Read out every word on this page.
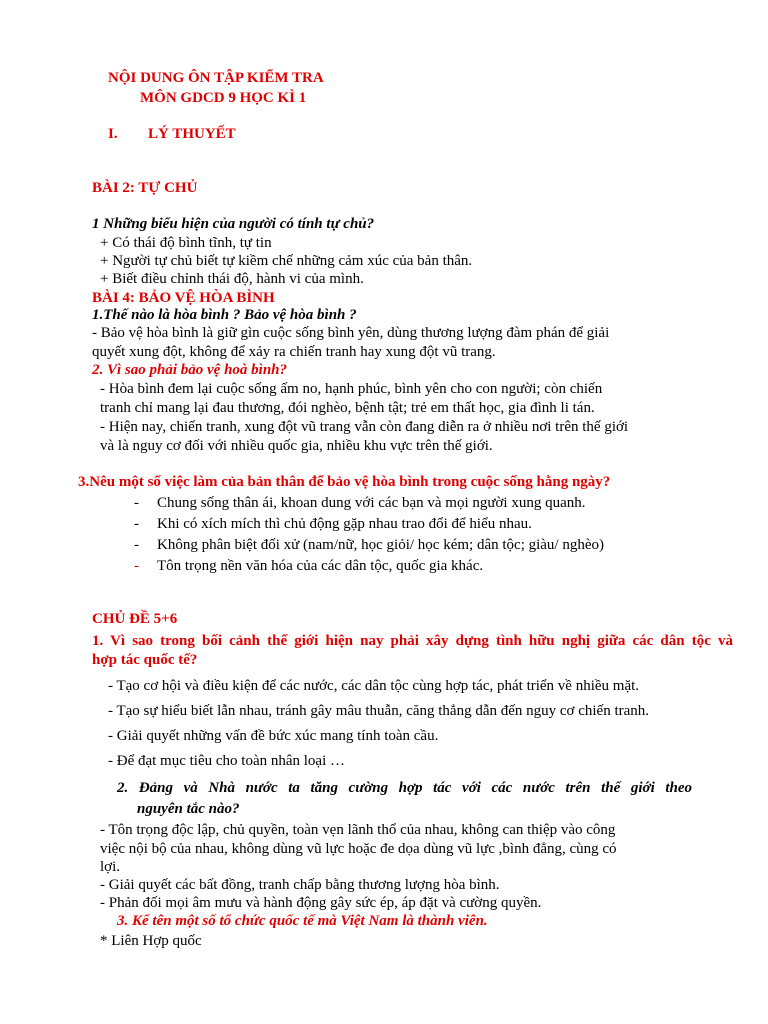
NỘI DUNG ÔN TẬP KIỂM TRA
MÔN GDCD 9 HỌC KÌ 1
I. LÝ THUYẾT
BÀI 2: TỰ CHỦ
1 Những biểu hiện của người có tính tự chủ?
+ Có thái độ bình tĩnh, tự tin
+ Người tự chủ biết tự kiềm chế những cảm xúc của bản thân.
+ Biết điều chỉnh thái độ, hành vi của mình.
BÀI 4: BẢO VỆ HÒA BÌNH
1.Thế nào là hòa bình ? Bảo vệ hòa bình ?
- Bảo vệ hòa bình là giữ gìn cuộc sống bình yên, dùng thương lượng đàm phán để giải
quyết xung đột, không để xảy ra chiến tranh hay xung đột vũ trang.
2. Vì sao phải bảo vệ hoà bình?
- Hòa bình đem lại cuộc sống ấm no, hạnh phúc, bình yên cho con người; còn chiến
tranh chỉ mang lại đau thương, đói nghèo, bệnh tật; trẻ em thất học, gia đình li tán.
- Hiện nay, chiến tranh, xung đột vũ trang vẫn còn đang diễn ra ở nhiều nơi trên thế giới
và là nguy cơ đối với nhiều quốc gia, nhiều khu vực trên thế giới.
3.Nêu một số việc làm của bản thân để bảo vệ hòa bình trong cuộc sống hằng ngày?
- Chung sống thân ái, khoan dung với các bạn và mọi người xung quanh.
- Khi có xích mích thì chủ động gặp nhau trao đổi để hiểu nhau.
- Không phân biệt đối xử (nam/nữ, học giỏi/ học kém; dân tộc; giàu/ nghèo)
- Tôn trọng nền văn hóa của các dân tộc, quốc gia khác.
CHỦ ĐỀ 5+6
1. Vì sao trong bối cảnh thế giới hiện nay phải xây dựng tình hữu nghị giữa các dân tộc và
hợp tác quốc tế?
- Tạo cơ hội và điều kiện để các nước, các dân tộc cùng hợp tác, phát triển về nhiều mặt.
- Tạo sự hiểu biết lẫn nhau, tránh gây mâu thuẫn, căng thẳng dẫn đến nguy cơ chiến tranh.
- Giải quyết những vấn đề bức xúc mang tính toàn cầu.
- Để đạt mục tiêu cho toàn nhân loại …
2. Đảng và Nhà nước ta tăng cường hợp tác với các nước trên thế giới theo
nguyên tắc nào?
- Tôn trọng độc lập, chủ quyền, toàn vẹn lãnh thổ của nhau, không can thiệp vào công
việc nội bộ của nhau, không dùng vũ lực hoặc đe dọa dùng vũ lực ,bình đẳng, cùng có
lợi.
- Giải quyết các bất đồng, tranh chấp bằng thương lượng hòa bình.
- Phản đối mọi âm mưu và hành động gây sức ép, áp đặt và cường quyền.
3. Kể tên một số tổ chức quốc tế mà Việt Nam là thành viên.
* Liên Hợp quốc
